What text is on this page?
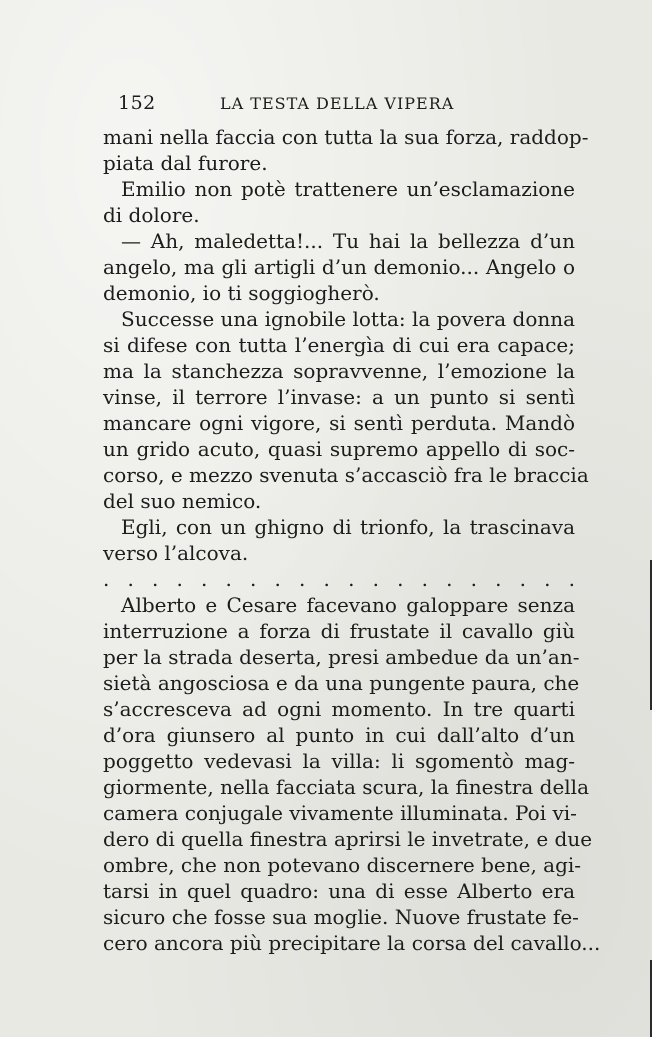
152	LA TESTA DELLA VIPERA
mani nella faccia con tutta la sua forza, raddop-
piata dal furore.
Emilio non potè trattenere un’esclamazione
di dolore.
— Ah, maledetta!... Tu hai la bellezza d’un
angelo, ma gli artigli d’un demonio... Angelo o
demonio, io ti soggiogherò.
Successe una ignobile lotta: la povera donna
si difese con tutta l’energìa di cui era capace;
ma la stanchezza sopravvenne, l’emozione la
vinse, il terrore l’invase: a un punto si sentì
mancare ogni vigore, si sentì perduta. Mandò
un grido acuto, quasi supremo appello di soc-
corso, e mezzo svenuta s’accasciò fra le braccia
del suo nemico.
Egli, con un ghigno di trionfo, la trascinava
verso l’alcova.
. . . . . . . . . . . . . . . . . . . .
Alberto e Cesare facevano galoppare senza
interruzione a forza di frustate il cavallo giù
per la strada deserta, presi ambedue da un’an-
sietà angosciosa e da una pungente paura, che
s’accresceva ad ogni momento. In tre quarti
d’ora giunsero al punto in cui dall’alto d’un
poggetto vedevasi la villa: li sgomentò mag-
giormente, nella facciata scura, la finestra della
camera conjugale vivamente illuminata. Poi vi-
dero di quella finestra aprirsi le invetrate, e due
ombre, che non potevano discernere bene, agi-
tarsi in quel quadro: una di esse Alberto era
sicuro che fosse sua moglie. Nuove frustate fe-
cero ancora più precipitare la corsa del cavallo...
